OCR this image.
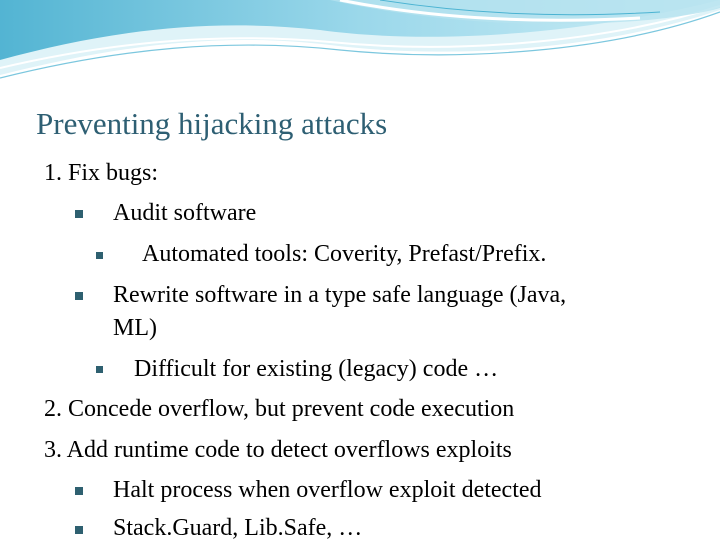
Preventing hijacking attacks
1. Fix bugs:
Audit software
Automated tools: Coverity, Prefast/Prefix.
Rewrite software in a type safe language (Java,
ML)
Difficult for existing (legacy) code …
2. Concede overflow, but prevent code execution
3. Add runtime code to detect overflows exploits
Halt process when overflow exploit detected
Stack.Guard, Lib.Safe, …
